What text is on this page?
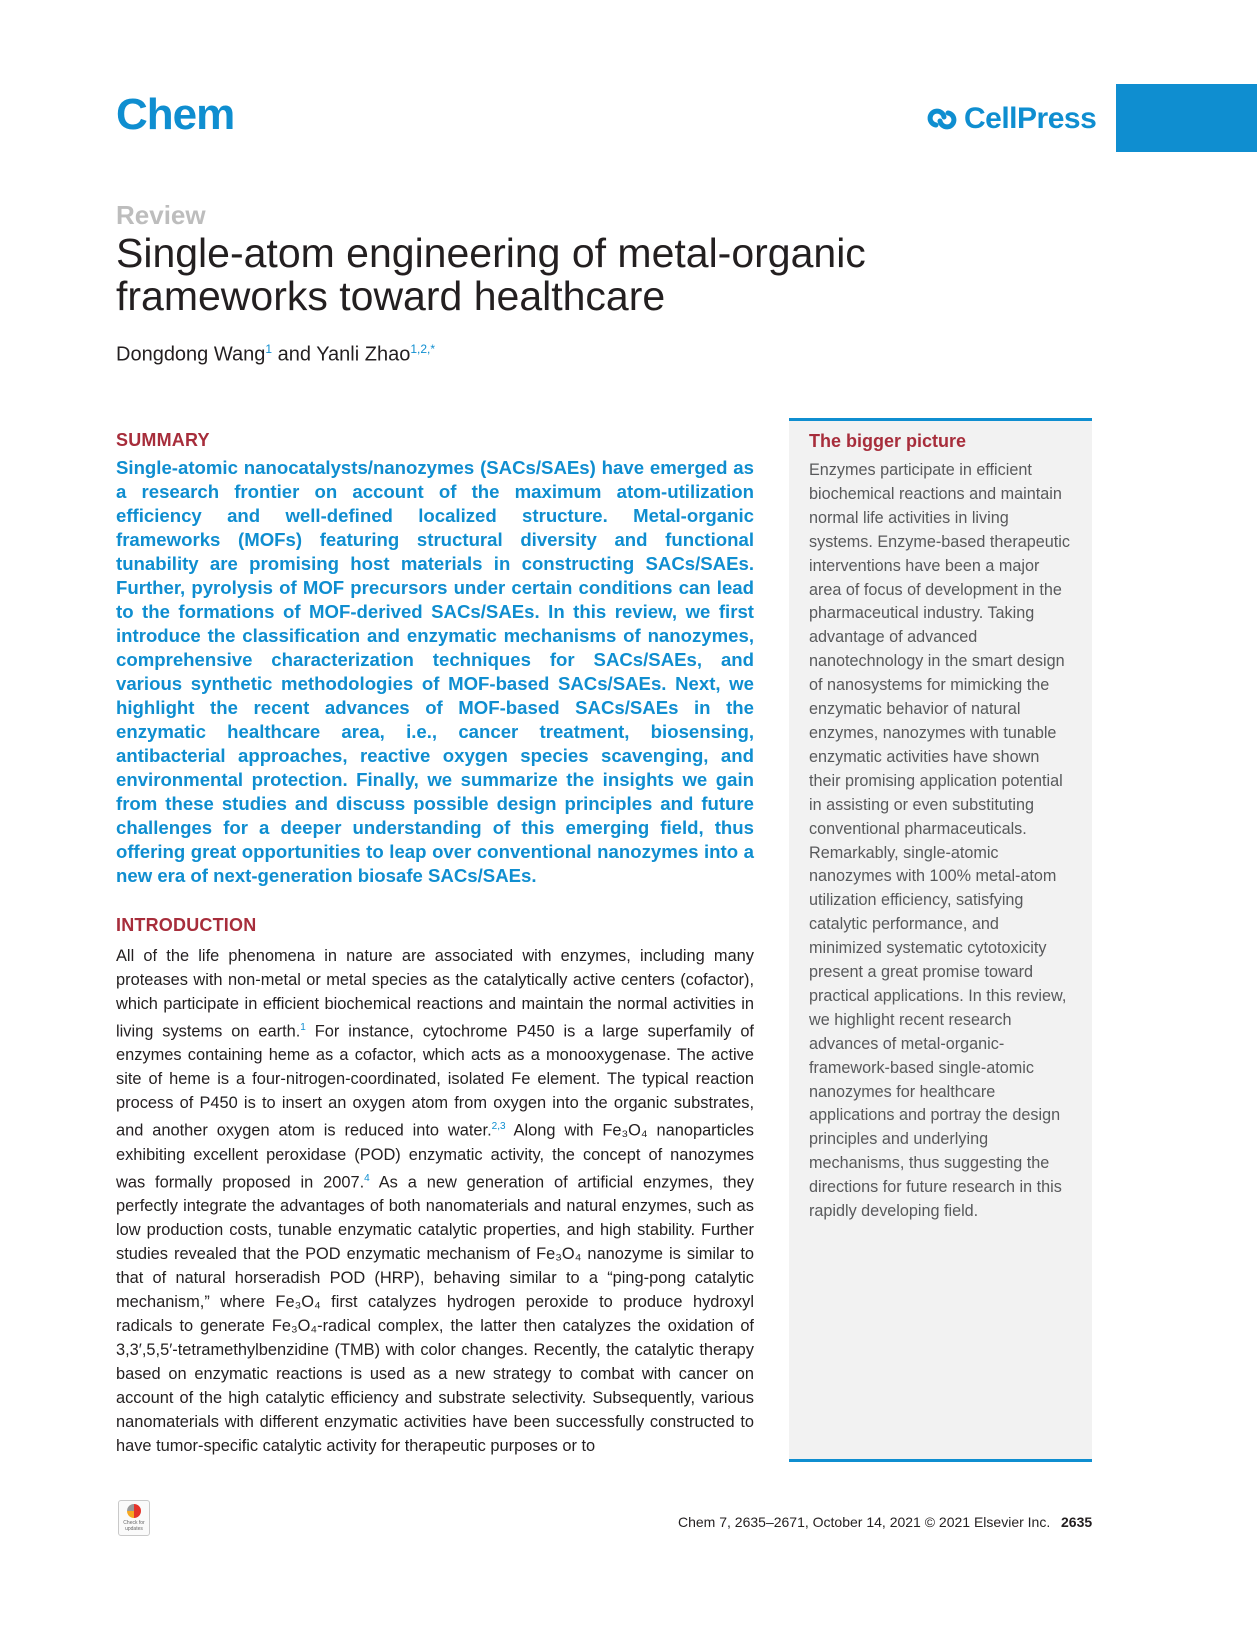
Chem	CellPress
Review
Single-atom engineering of metal-organic frameworks toward healthcare
Dongdong Wang$^1$ and Yanli Zhao$^{1,2,*}$
SUMMARY
Single-atomic nanocatalysts/nanozymes (SACs/SAEs) have emerged as a research frontier on account of the maximum atom-utilization efficiency and well-defined localized structure. Metal-organic frameworks (MOFs) featuring structural diversity and functional tunability are promising host materials in constructing SACs/SAEs. Further, pyrolysis of MOF precursors under certain conditions can lead to the formations of MOF-derived SACs/SAEs. In this review, we first introduce the classification and enzymatic mechanisms of nanozymes, comprehensive characterization techniques for SACs/SAEs, and various synthetic methodologies of MOF-based SACs/SAEs. Next, we highlight the recent advances of MOF-based SACs/SAEs in the enzymatic healthcare area, i.e., cancer treatment, biosensing, antibacterial approaches, reactive oxygen species scavenging, and environmental protection. Finally, we summarize the insights we gain from these studies and discuss possible design principles and future challenges for a deeper understanding of this emerging field, thus offering great opportunities to leap over conventional nanozymes into a new era of next-generation biosafe SACs/SAEs.
INTRODUCTION

All of the life phenomena in nature are associated with enzymes, including many proteases with non-metal or metal species as the catalytically active centers (cofactor), which participate in efficient biochemical reactions and maintain the normal activities in living systems on earth.$^1$ For instance, cytochrome P450 is a large superfamily of enzymes containing heme as a cofactor, which acts as a monooxygenase. The active site of heme is a four-nitrogen-coordinated, isolated Fe element. The typical reaction process of P450 is to insert an oxygen atom from oxygen into the organic substrates, and another oxygen atom is reduced into water.$^{2,3}$ Along with Fe₃O₄ nanoparticles exhibiting excellent peroxidase (POD) enzymatic activity, the concept of nanozymes was formally proposed in 2007.$^4$ As a new generation of artificial enzymes, they perfectly integrate the advantages of both nanomaterials and natural enzymes, such as low production costs, tunable enzymatic catalytic properties, and high stability. Further studies revealed that the POD enzymatic mechanism of Fe₃O₄ nanozyme is similar to that of natural horseradish POD (HRP), behaving similar to a “ping-pong catalytic mechanism,” where Fe₃O₄ first catalyzes hydrogen peroxide to produce hydroxyl radicals to generate Fe₃O₄-radical complex, the latter then catalyzes the oxidation of 3,3′,5,5′-tetramethylbenzidine (TMB) with color changes. Recently, the catalytic therapy based on enzymatic reactions is used as a new strategy to combat with cancer on account of the high catalytic efficiency and substrate selectivity. Subsequently, various nanomaterials with different enzymatic activities have been successfully constructed to have tumor-specific catalytic activity for therapeutic purposes or to

The bigger picture
Enzymes participate in efficient biochemical reactions and maintain normal life activities in living systems. Enzyme-based therapeutic interventions have been a major area of focus of development in the pharmaceutical industry. Taking advantage of advanced nanotechnology in the smart design of nanosystems for mimicking the enzymatic behavior of natural enzymes, nanozymes with tunable enzymatic activities have shown their promising application potential in assisting or even substituting conventional pharmaceuticals. Remarkably, single-atomic nanozymes with 100% metal-atom utilization efficiency, satisfying catalytic performance, and minimized systematic cytotoxicity present a great promise toward practical applications. In this review, we highlight recent research advances of metal-organic-framework-based single-atomic nanozymes for healthcare applications and portray the design principles and underlying mechanisms, thus suggesting the directions for future research in this rapidly developing field.
Check for updates	Chem 7, 2635–2671, October 14, 2021 © 2021 Elsevier Inc. 2635
